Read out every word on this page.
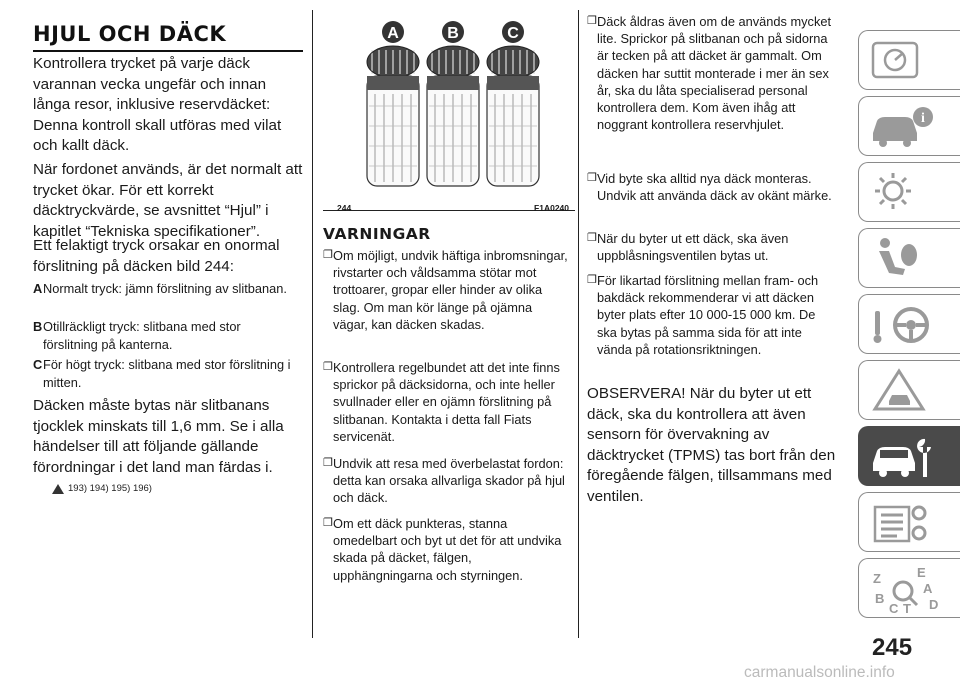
HJUL OCH DÄCK

Kontrollera trycket på varje däck varannan vecka ungefär och innan långa resor, inklusive reservdäcket: Denna kontroll skall utföras med vilat och kallt däck.

När fordonet används, är det normalt att trycket ökar. För ett korrekt däcktryckvärde, se avsnittet “Hjul” i kapitlet “Tekniska specifikationer”.

Ett felaktigt tryck orsakar en onormal förslitning på däcken bild 244:

ANormalt tryck: jämn förslitning av slitbanan.
BOtillräckligt tryck: slitbana med stor förslitning på kanterna.
CFör högt tryck: slitbana med stor förslitning i mitten.

Däcken måste bytas när slitbanans tjocklek minskats till 1,6 mm. Se i alla händelser till att följande gällande förordningar i det land man färdas i.

193) 194) 195) 196)
A	B	C
244	F1A0240
VARNINGAR
❐Om möjligt, undvik häftiga inbromsningar, rivstarter och våldsamma stötar mot trottoarer, gropar eller hinder av olika slag. Om man kör länge på ojämna vägar, kan däcken skadas.
❐Kontrollera regelbundet att det inte finns sprickor på däcksidorna, och inte heller svullnader eller en ojämn förslitning på slitbanan. Kontakta i detta fall Fiats servicenät.
❐Undvik att resa med överbelastat fordon: detta kan orsaka allvarliga skador på hjul och däck.
❐Om ett däck punkteras, stanna omedelbart och byt ut det för att undvika skada på däcket, fälgen, upphängningarna och styrningen.
❐Däck åldras även om de används mycket lite. Sprickor på slitbanan och på sidorna är tecken på att däcket är gammalt. Om däcken har suttit monterade i mer än sex år, ska du låta specialiserad personal kontrollera dem. Kom även ihåg att noggrant kontrollera reservhjulet.
❐Vid byte ska alltid nya däck monteras. Undvik att använda däck av okänt märke.
❐När du byter ut ett däck, ska även uppblåsningsventilen bytas ut.
❐För likartad förslitning mellan fram- och bakdäck rekommenderar vi att däcken byter plats efter 10 000-15 000 km. De ska bytas på samma sida för att inte vända på rotationsriktningen.
OBSERVERA! När du byter ut ett däck, ska du kontrollera att även sensorn för övervakning av däcktrycket (TPMS) tas bort från den föregående fälgen, tillsammans med ventilen.
i
Z	E
A
B
C T D
245
carmanualsonline.info
